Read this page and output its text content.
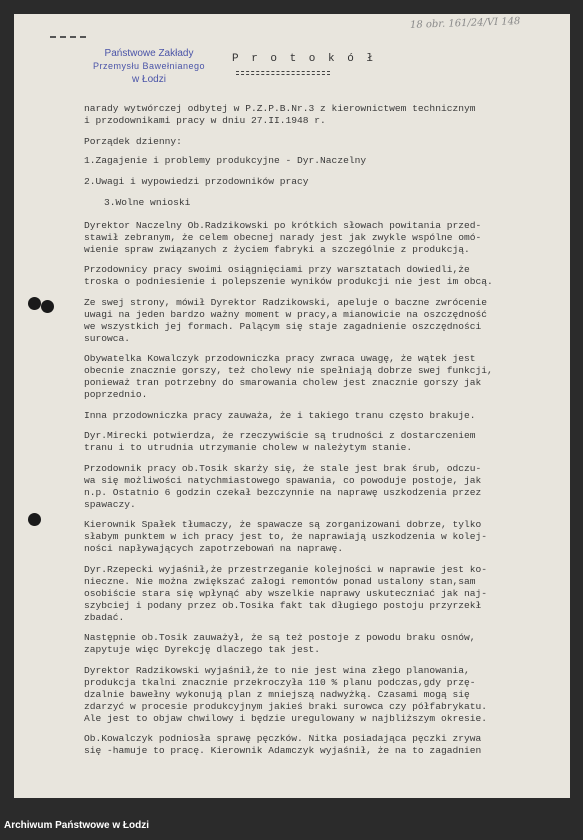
18 obr. 161/24/VI 148
Państwowe Zakłady

Przemysłu Bawełnianego
w Łodzi
P r o t o k ó ł

narady wytwórczej odbytej w P.Z.P.B.Nr.3 z kierownictwem technicznym
i przodownikami pracy w dniu 27.II.1948 r.

Porządek dzienny:

1.Zagajenie i problemy produkcyjne - Dyr.Naczelny

2.Uwagi i wypowiedzi przodowników pracy

3.Wolne wnioski

Dyrektor Naczelny Ob.Radzikowski po krótkich słowach powitania przed-
stawił zebranym, że celem obecnej narady jest jak zwykle wspólne omó-
wienie spraw związanych z życiem fabryki a szczególnie z produkcją.

Przodownicy pracy swoimi osiągnięciami przy warsztatach dowiedli,że
troska o podniesienie i polepszenie wyników produkcji nie jest im obcą.

Ze swej strony, mówił Dyrektor Radzikowski, apeluje o baczne zwrócenie
uwagi na jeden bardzo ważny moment w pracy,a mianowicie na oszczędność
we wszystkich jej formach. Palącym się staje zagadnienie oszczędności
surowca.

Obywatelka Kowalczyk przodowniczka pracy zwraca uwagę, że wątek jest
obecnie znacznie gorszy, też cholewy nie spełniają dobrze swej funkcji,
ponieważ tran potrzebny do smarowania cholew jest znacznie gorszy jak
poprzednio.

Inna przodowniczka pracy zauważa, że i takiego tranu często brakuje.

Dyr.Mirecki potwierdza, że rzeczywiście są trudności z dostarczeniem
tranu i to utrudnia utrzymanie cholew w należytym stanie.

Przodownik pracy ob.Tosik skarży się, że stale jest brak śrub, odczu-
wa się możliwości natychmiastowego spawania, co powoduje postoje, jak
n.p. Ostatnio 6 godzin czekał bezczynnie na naprawę uszkodzenia przez
spawaczy.

Kierownik Spałek tłumaczy, że spawacze są zorganizowani dobrze, tylko
słabym punktem w ich pracy jest to, że naprawiają uszkodzenia w kolej-
ności napływających zapotrzebowań na naprawę.

Dyr.Rzepecki wyjaśnił,że przestrzeganie kolejności w naprawie jest ko-
nieczne. Nie można zwiększać załogi remontów ponad ustalony stan,sam
osobiście stara się wpłynąć aby wszelkie naprawy uskuteczniać jak naj-
szybciej i podany przez ob.Tosika fakt tak długiego postoju przyrzekł
zbadać.

Następnie ob.Tosik zauważył, że są też postoje z powodu braku osnów,
zapytuje więc Dyrekcję dlaczego tak jest.

Dyrektor Radzikowski wyjaśnił,że to nie jest wina złego planowania,
produkcja tkalni znacznie przekroczyła 110 % planu podczas,gdy przę-
dzalnie bawełny wykonują plan z mniejszą nadwyżką. Czasami mogą się
zdarzyć w procesie produkcyjnym jakieś braki surowca czy półfabrykatu.
Ale jest to objaw chwilowy i będzie uregulowany w najbliższym okresie.

Ob.Kowalczyk podniosła sprawę pęczków. Nitka posiadająca pęczki zrywa
się -hamuje to pracę. Kierownik Adamczyk wyjaśnił, że na to zagadnien

Archiwum Państwowe w Łodzi
